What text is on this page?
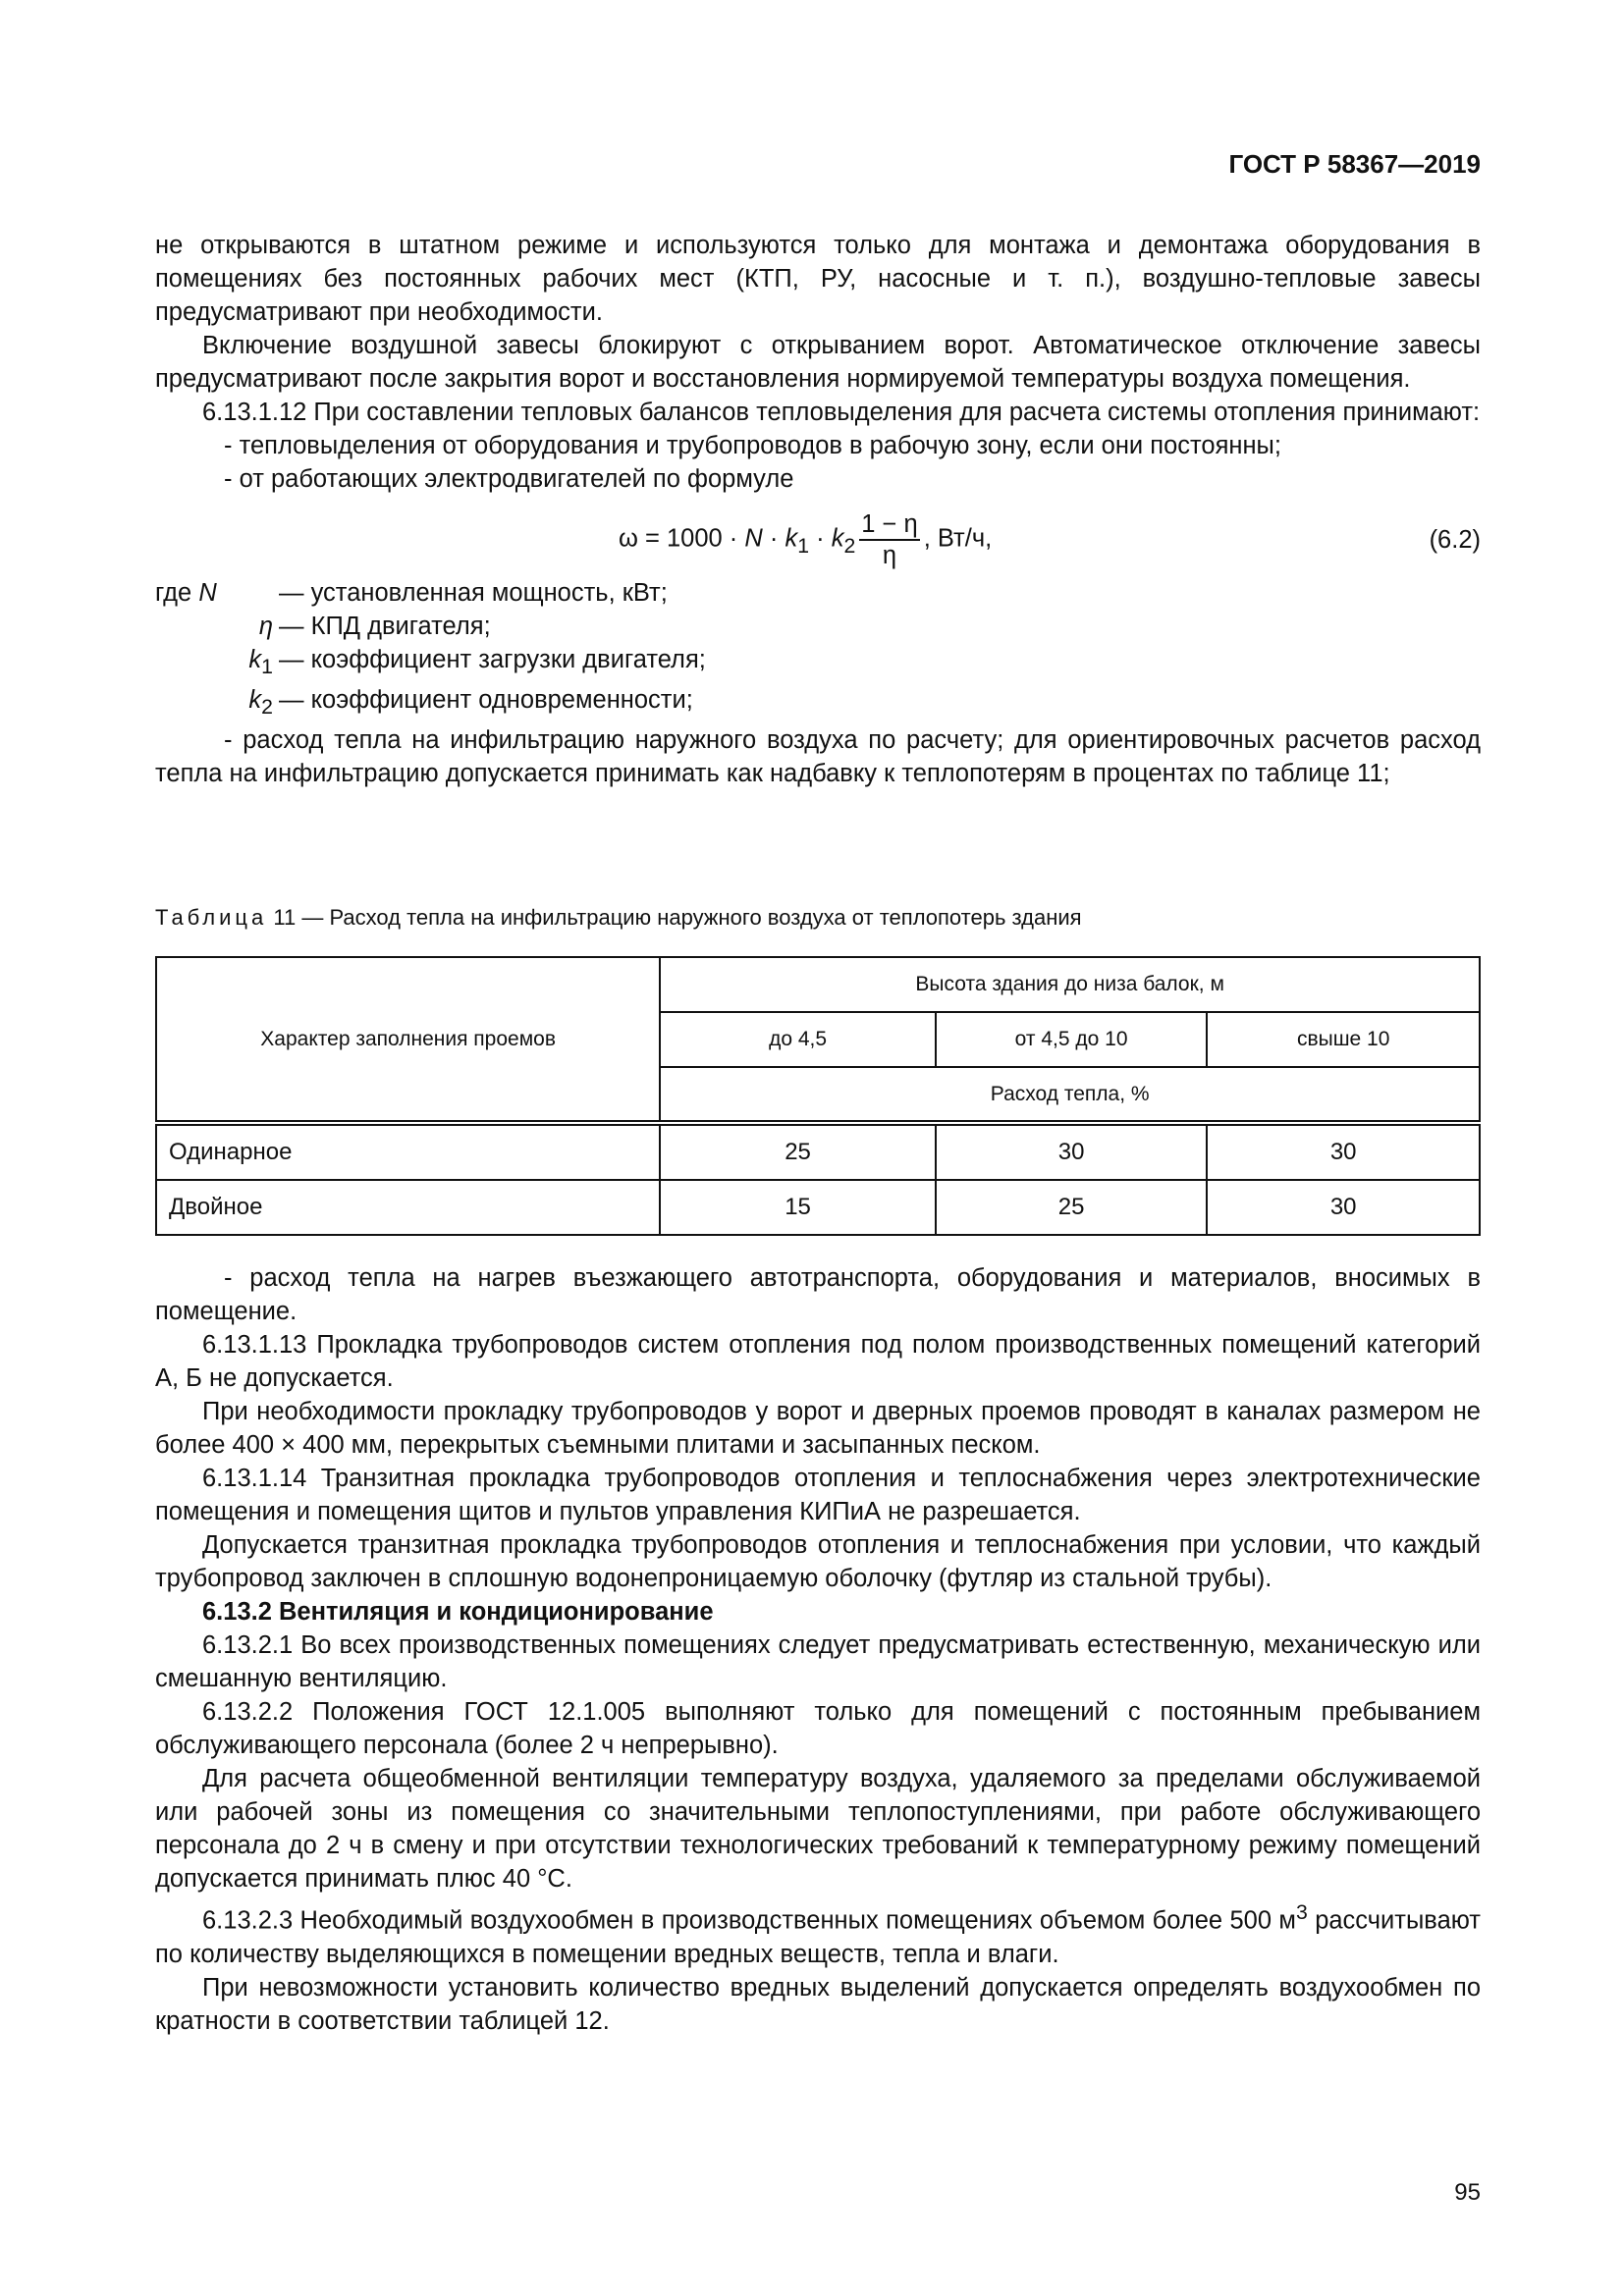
ГОСТ Р 58367—2019

не открываются в штатном режиме и используются только для монтажа и демонтажа оборудования в помещениях без постоянных рабочих мест (КТП, РУ, насосные и т. п.), воздушно-тепловые завесы предусматривают при необходимости.

Включение воздушной завесы блокируют с открыванием ворот. Автоматическое отключение завесы предусматривают после закрытия ворот и восстановления нормируемой температуры воздуха помещения.

6.13.1.12 При составлении тепловых балансов тепловыделения для расчета системы отопления принимают:

- тепловыделения от оборудования и трубопроводов в рабочую зону, если они постоянны;

- от работающих электродвигателей по формуле

$\omega = 1000 \cdot N \cdot k_1 \cdot k_2 \frac{1 - \eta}{\eta}$ , Вт/ч,	(6.2)
где N	— установленная мощность, кВт;
η — КПД двигателя;
$k_1$ — коэффициент загрузки двигателя;
$k_2$ — коэффициент одновременности;

- расход тепла на инфильтрацию наружного воздуха по расчету; для ориентировочных расчетов расход тепла на инфильтрацию допускается принимать как надбавку к теплопотерям в процентах по таблице 11;

Таблица 11 — Расход тепла на инфильтрацию наружного воздуха от теплопотерь здания
Характер заполнения проемов	Высота здания до низа балок, м		
	до 4,5	от 4,5 до 10	свыше 10
	Расход тепла, %		
Одинарное	25	30	30
Двойное	15	25	30

- расход тепла на нагрев въезжающего автотранспорта, оборудования и материалов, вносимых в помещение.

6.13.1.13 Прокладка трубопроводов систем отопления под полом производственных помещений категорий А, Б не допускается.

При необходимости прокладку трубопроводов у ворот и дверных проемов проводят в каналах размером не более 400 × 400 мм, перекрытых съемными плитами и засыпанных песком.

6.13.1.14 Транзитная прокладка трубопроводов отопления и теплоснабжения через электротехнические помещения и помещения щитов и пультов управления КИПиА не разрешается.

Допускается транзитная прокладка трубопроводов отопления и теплоснабжения при условии, что каждый трубопровод заключен в сплошную водонепроницаемую оболочку (футляр из стальной трубы).

6.13.2 Вентиляция и кондиционирование

6.13.2.1 Во всех производственных помещениях следует предусматривать естественную, механическую или смешанную вентиляцию.

6.13.2.2 Положения ГОСТ 12.1.005 выполняют только для помещений с постоянным пребыванием обслуживающего персонала (более 2 ч непрерывно).

Для расчета общеобменной вентиляции температуру воздуха, удаляемого за пределами обслуживаемой или рабочей зоны из помещения со значительными теплопоступлениями, при работе обслуживающего персонала до 2 ч в смену и при отсутствии технологических требований к температурному режиму помещений допускается принимать плюс 40 °С.

6.13.2.3 Необходимый воздухообмен в производственных помещениях объемом более 500 $м^3$ рассчитывают по количеству выделяющихся в помещении вредных веществ, тепла и влаги.

При невозможности установить количество вредных выделений допускается определять воздухообмен по кратности в соответствии таблицей 12.

95
